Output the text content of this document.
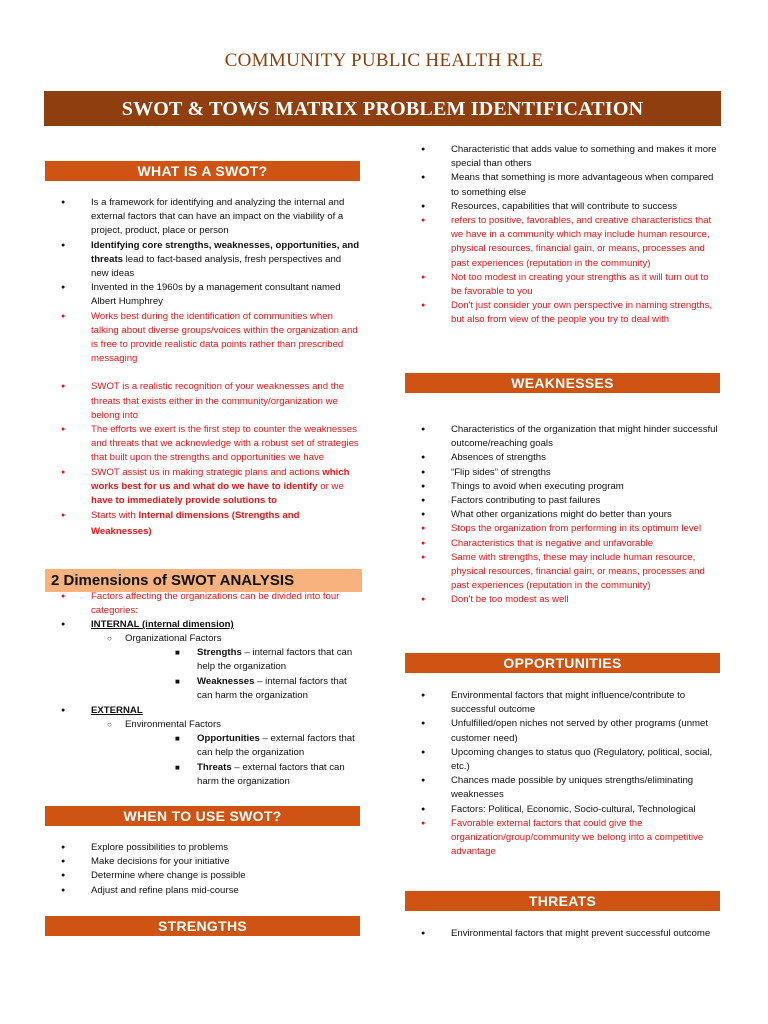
COMMUNITY PUBLIC HEALTH RLE
SWOT & TOWS MATRIX PROBLEM IDENTIFICATION
WHAT IS A SWOT?
● Is a framework for identifying and analyzing the internal and external factors that can have an impact on the viability of a project, product, place or person
● Identifying core strengths, weaknesses, opportunities, and threats lead to fact-based analysis, fresh perspectives and new ideas
● Invented in the 1960s by a management consultant named Albert Humphrey
● Works best during the identification of communities when talking about diverse groups/voices within the organization and is free to provide realistic data points rather than prescribed messaging
● SWOT is a realistic recognition of your weaknesses and the threats that exists either in the community/organization we belong into
● The efforts we exert is the first step to counter the weaknesses and threats that we acknowledge with a robust set of strategies that built upon the strengths and opportunities we have
● SWOT assist us in making strategic plans and actions which works best for us and what do we have to identify or we have to immediately provide solutions to
● Starts with Internal dimensions (Strengths and Weaknesses)
2 Dimensions of SWOT ANALYSIS
● Factors affecting the organizations can be divided into four categories:
● INTERNAL (internal dimension)
○ Organizational Factors
■ Strengths – internal factors that can help the organization
■ Weaknesses – internal factors that can harm the organization
● EXTERNAL
○ Environmental Factors
■ Opportunities – external factors that can help the organization
■ Threats – external factors that can harm the organization
WHEN TO USE SWOT?
● Explore possibilities to problems
● Make decisions for your initiative
● Determine where change is possible
● Adjust and refine plans mid-course
STRENGTHS
● Characteristic that adds value to something and makes it more special than others
● Means that something is more advantageous when compared to something else
● Resources, capabilities that will contribute to success
● refers to positive, favorables, and creative characteristics that we have in a community which may include human resource, physical resources, financial gain, or means, processes and past experiences (reputation in the community)
● Not too modest in creating your strengths as it will turn out to be favorable to you
● Don't just consider your own perspective in naming strengths, but also from view of the people you try to deal with
WEAKNESSES
● Characteristics of the organization that might hinder successful outcome/reaching goals
● Absences of strengths
● “Flip sides” of strengths
● Things to avoid when executing program
● Factors contributing to past failures
● What other organizations might do better than yours
● Stops the organization from performing in its optimum level
● Characteristics that is negative and unfavorable
● Same with strengths, these may include human resource, physical resources, financial gain, or means, processes and past experiences (reputation in the community)
● Don't be too modest as well
OPPORTUNITIES
● Environmental factors that might influence/contribute to successful outcome
● Unfulfilled/open niches not served by other programs (unmet customer need)
● Upcoming changes to status quo (Regulatory, political, social, etc.)
● Chances made possible by uniques strengths/eliminating weaknesses
● Factors: Political, Economic, Socio-cultural, Technological
● Favorable external factors that could give the organization/group/community we belong into a competitive advantage
THREATS
● Environmental factors that might prevent successful outcome
